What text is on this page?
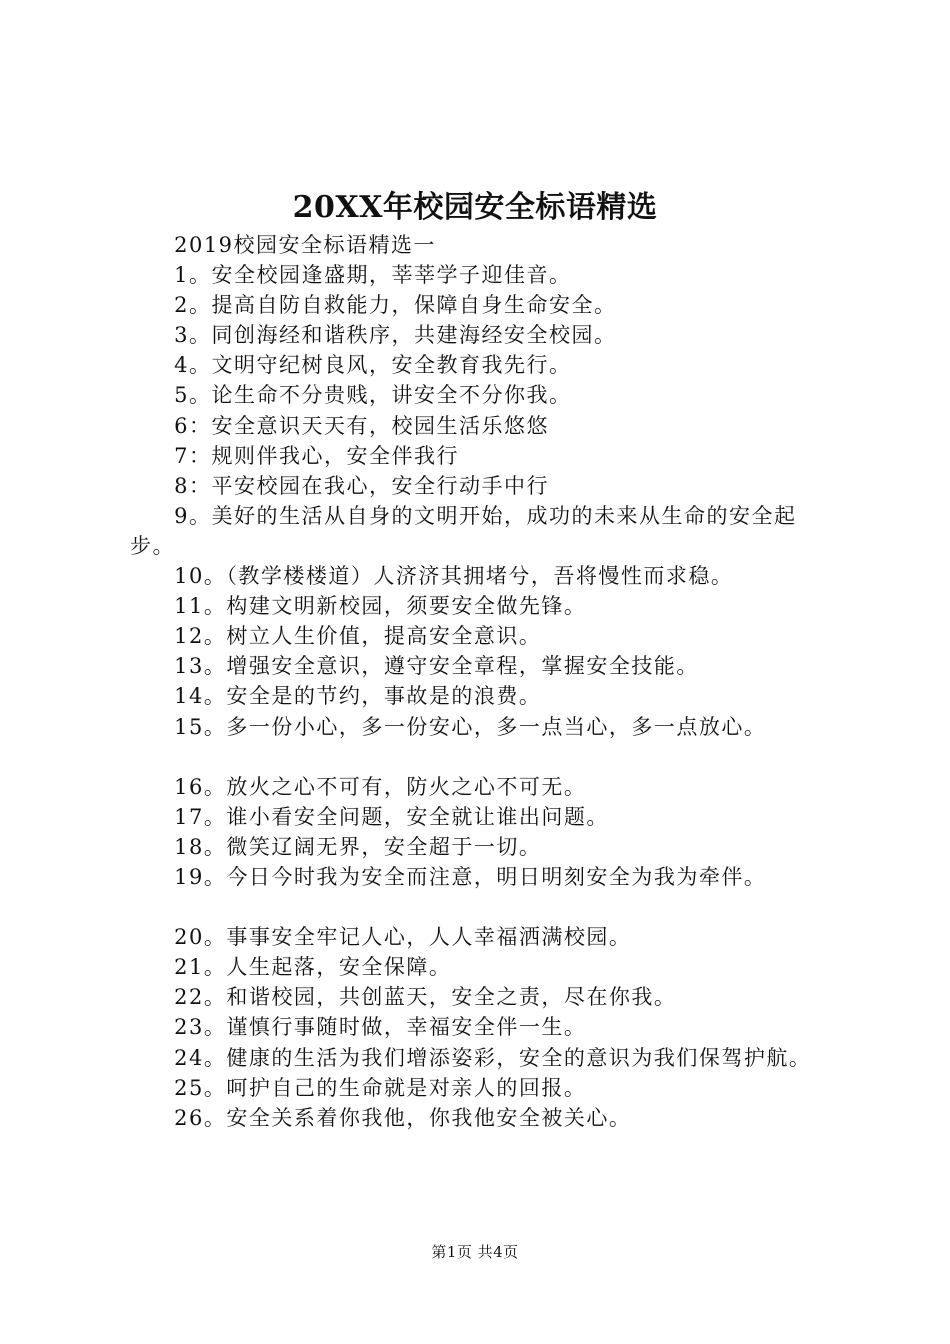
20XX年校园安全标语精选
2019校园安全标语精选一
1。安全校园逢盛期，莘莘学子迎佳音。
2。提高自防自救能力，保障自身生命安全。
3。同创海经和谐秩序，共建海经安全校园。
4。文明守纪树良风，安全教育我先行。
5。论生命不分贵贱，讲安全不分你我。
6：安全意识天天有，校园生活乐悠悠
7：规则伴我心，安全伴我行
8：平安校园在我心，安全行动手中行
9。美好的生活从自身的文明开始，成功的未来从生命的安全起步。
10。（教学楼楼道）人济济其拥堵兮，吾将慢性而求稳。
11。构建文明新校园，须要安全做先锋。
12。树立人生价值，提高安全意识。
13。增强安全意识，遵守安全章程，掌握安全技能。
14。安全是的节约，事故是的浪费。
15。多一份小心，多一份安心，多一点当心，多一点放心。
16。放火之心不可有，防火之心不可无。
17。谁小看安全问题，安全就让谁出问题。
18。微笑辽阔无界，安全超于一切。
19。今日今时我为安全而注意，明日明刻安全为我为牵伴。
20。事事安全牢记人心，人人幸福洒满校园。
21。人生起落，安全保障。
22。和谐校园，共创蓝天，安全之责，尽在你我。
23。谨慎行事随时做，幸福安全伴一生。
24。健康的生活为我们增添姿彩，安全的意识为我们保驾护航。
25。呵护自己的生命就是对亲人的回报。
26。安全关系着你我他，你我他安全被关心。
第1页 共4页
